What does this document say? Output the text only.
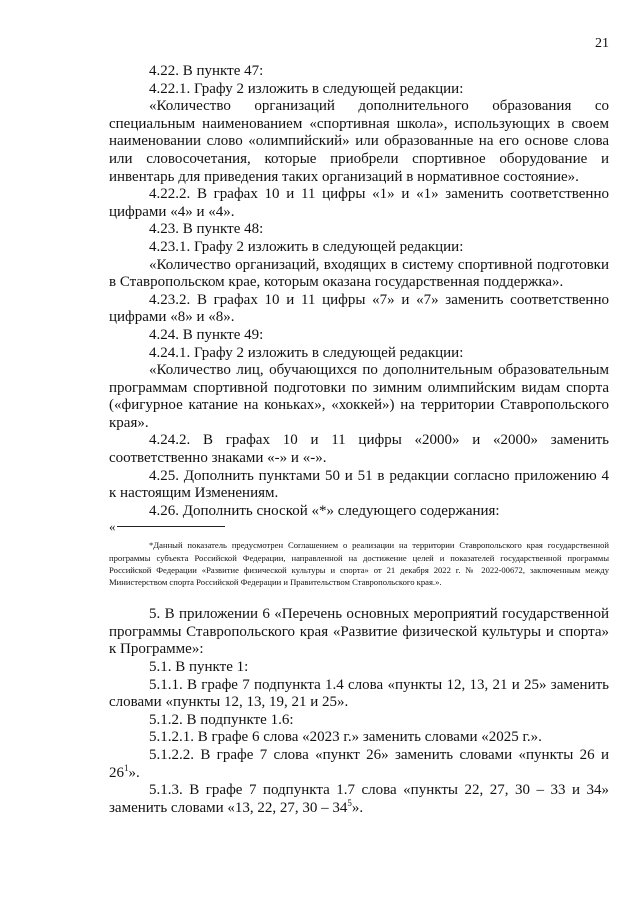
21

4.22. В пункте 47:

4.22.1. Графу 2 изложить в следующей редакции:

«Количество организаций дополнительного образования со специальным наименованием «спортивная школа», использующих в своем наименовании слово «олимпийский» или образованные на его основе слова или словосочетания, которые приобрели спортивное оборудование и инвентарь для приведения таких организаций в нормативное состояние».

4.22.2. В графах 10 и 11 цифры «1» и «1» заменить соответственно цифрами «4» и «4».

4.23. В пункте 48:

4.23.1. Графу 2 изложить в следующей редакции:

«Количество организаций, входящих в систему спортивной подготовки в Ставропольском крае, которым оказана государственная поддержка».

4.23.2. В графах 10 и 11 цифры «7» и «7» заменить соответственно цифрами «8» и «8».

4.24. В пункте 49:

4.24.1. Графу 2 изложить в следующей редакции:

«Количество лиц, обучающихся по дополнительным образовательным программам спортивной подготовки по зимним олимпийским видам спорта («фигурное катание на коньках», «хоккей») на территории Ставропольского края».

4.24.2. В графах 10 и 11 цифры «2000» и «2000» заменить соответственно знаками «-» и «-».

4.25. Дополнить пунктами 50 и 51 в редакции согласно приложению 4 к настоящим Изменениям.

4.26. Дополнить сноской «*» следующего содержания:

«

*Данный показатель предусмотрен Соглашением о реализации на территории Ставропольского края государственной программы субъекта Российской Федерации, направленной на достижение целей и показателей государственной программы Российской Федерации «Развитие физической культуры и спорта» от 21 декабря 2022 г. № 2022-00672, заключенным между Министерством спорта Российской Федерации и Правительством Ставропольского края.».

5. В приложении 6 «Перечень основных мероприятий государственной программы Ставропольского края «Развитие физической культуры и спорта» к Программе»:

5.1. В пункте 1:

5.1.1. В графе 7 подпункта 1.4 слова «пункты 12, 13, 21 и 25» заменить словами «пункты 12, 13, 19, 21 и 25».

5.1.2. В подпункте 1.6:

5.1.2.1. В графе 6 слова «2023 г.» заменить словами «2025 г.».

5.1.2.2. В графе 7 слова «пункт 26» заменить словами «пункты 26 и $26^1$».

5.1.3. В графе 7 подпункта 1.7 слова «пункты 22, 27, 30 – 33 и 34» заменить словами «13, 22, 27, $30 - 34^5$».
